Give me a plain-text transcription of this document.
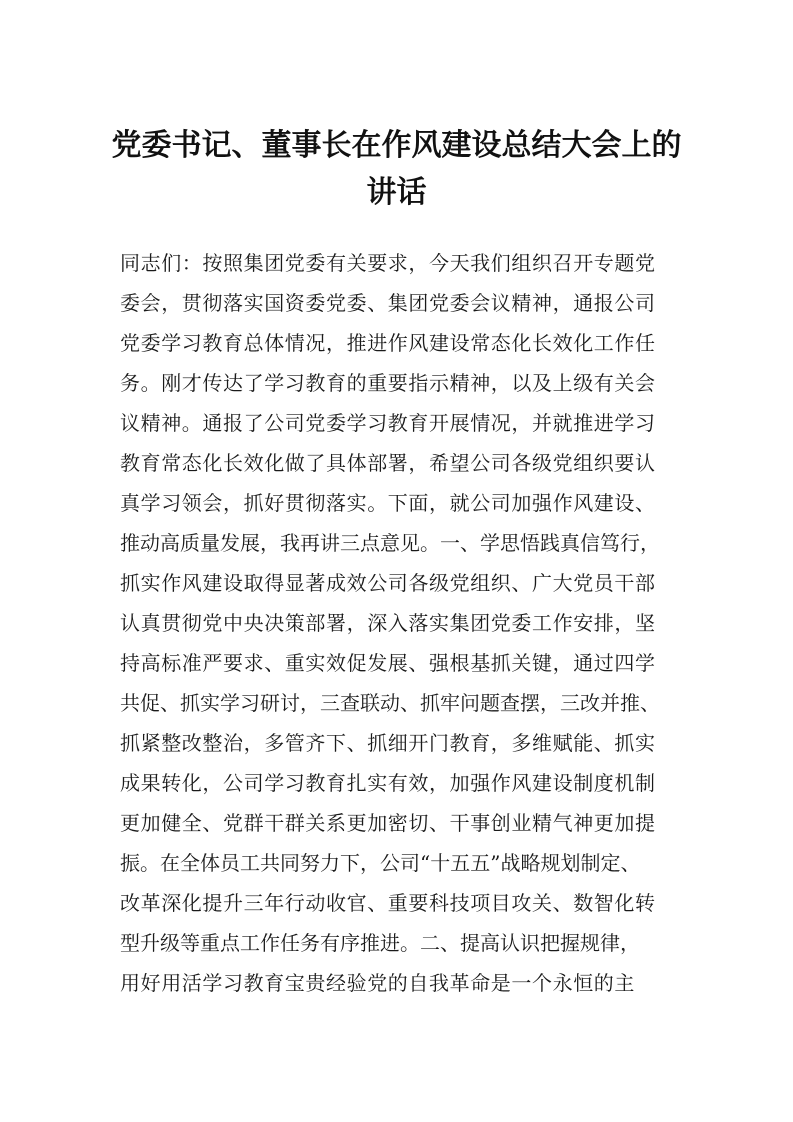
党委书记、董事长在作风建设总结大会上的
讲话
同志们：按照集团党委有关要求，今天我们组织召开专题党
委会，贯彻落实国资委党委、集团党委会议精神，通报公司
党委学习教育总体情况，推进作风建设常态化长效化工作任
务。刚才传达了学习教育的重要指示精神，以及上级有关会
议精神。通报了公司党委学习教育开展情况，并就推进学习
教育常态化长效化做了具体部署，希望公司各级党组织要认
真学习领会，抓好贯彻落实。下面，就公司加强作风建设、
推动高质量发展，我再讲三点意见。一、学思悟践真信笃行，
抓实作风建设取得显著成效公司各级党组织、广大党员干部
认真贯彻党中央决策部署，深入落实集团党委工作安排，坚
持高标准严要求、重实效促发展、强根基抓关键，通过四学
共促、抓实学习研讨，三查联动、抓牢问题查摆，三改并推、
抓紧整改整治，多管齐下、抓细开门教育，多维赋能、抓实
成果转化，公司学习教育扎实有效，加强作风建设制度机制
更加健全、党群干群关系更加密切、干事创业精气神更加提
振。在全体员工共同努力下，公司“十五五”战略规划制定、
改革深化提升三年行动收官、重要科技项目攻关、数智化转
型升级等重点工作任务有序推进。二、提高认识把握规律，
用好用活学习教育宝贵经验党的自我革命是一个永恒的主
